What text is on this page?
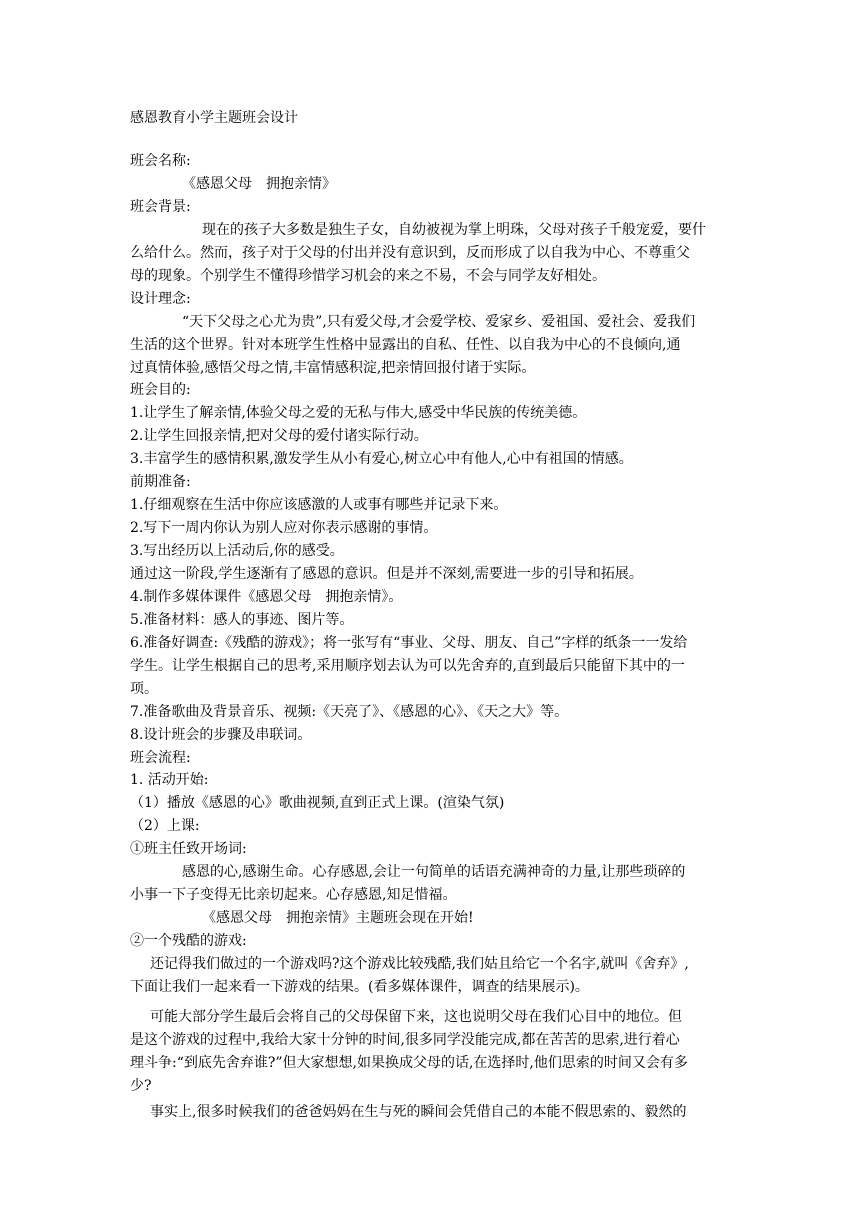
感恩教育小学主题班会设计
班会名称:
《感恩父母　拥抱亲情》
班会背景:
现在的孩子大多数是独生子女，自幼被视为掌上明珠，父母对孩子千般宠爱，要什
么给什么。然而，孩子对于父母的付出并没有意识到，反而形成了以自我为中心、不尊重父
母的现象。个别学生不懂得珍惜学习机会的来之不易，不会与同学友好相处。
设计理念:
“天下父母之心尤为贵”,只有爱父母,才会爱学校、爱家乡、爱祖国、爱社会、爱我们
生活的这个世界。针对本班学生性格中显露出的自私、任性、以自我为中心的不良倾向,通
过真情体验,感悟父母之情,丰富情感积淀,把亲情回报付诸于实际。
班会目的:
1.让学生了解亲情,体验父母之爱的无私与伟大,感受中华民族的传统美德。
2.让学生回报亲情,把对父母的爱付诸实际行动。
3.丰富学生的感情积累,激发学生从小有爱心,树立心中有他人,心中有祖国的情感。
前期准备:
1.仔细观察在生活中你应该感激的人或事有哪些并记录下来。
2.写下一周内你认为别人应对你表示感谢的事情。
3.写出经历以上活动后,你的感受。
通过这一阶段,学生逐渐有了感恩的意识。但是并不深刻,需要进一步的引导和拓展。
4.制作多媒体课件《感恩父母　拥抱亲情》。
5.准备材料：感人的事迹、图片等。
6.准备好调查:《残酷的游戏》；将一张写有“事业、父母、朋友、自己”字样的纸条一一发给
学生。让学生根据自己的思考,采用顺序划去认为可以先舍弃的,直到最后只能留下其中的一
项。
7.准备歌曲及背景音乐、视频:《天亮了》、《感恩的心》、《天之大》等。
8.设计班会的步骤及串联词。
班会流程:
1. 活动开始:
（1）播放《感恩的心》歌曲视频,直到正式上课。(渲染气氛)
（2）上课:
①班主任致开场词:
感恩的心,感谢生命。心存感恩,会让一句简单的话语充满神奇的力量,让那些琐碎的
小事一下子变得无比亲切起来。心存感恩,知足惜福。
《感恩父母　拥抱亲情》主题班会现在开始!
②一个残酷的游戏:
还记得我们做过的一个游戏吗?这个游戏比较残酷,我们姑且给它一个名字,就叫《舍弃》,
下面让我们一起来看一下游戏的结果。(看多媒体课件，调查的结果展示)。
可能大部分学生最后会将自己的父母保留下来，这也说明父母在我们心目中的地位。但
是这个游戏的过程中,我给大家十分钟的时间,很多同学没能完成,都在苦苦的思索,进行着心
理斗争:“到底先舍弃谁?”但大家想想,如果换成父母的话,在选择时,他们思索的时间又会有多
少?
事实上,很多时候我们的爸爸妈妈在生与死的瞬间会凭借自己的本能不假思索的、毅然的
